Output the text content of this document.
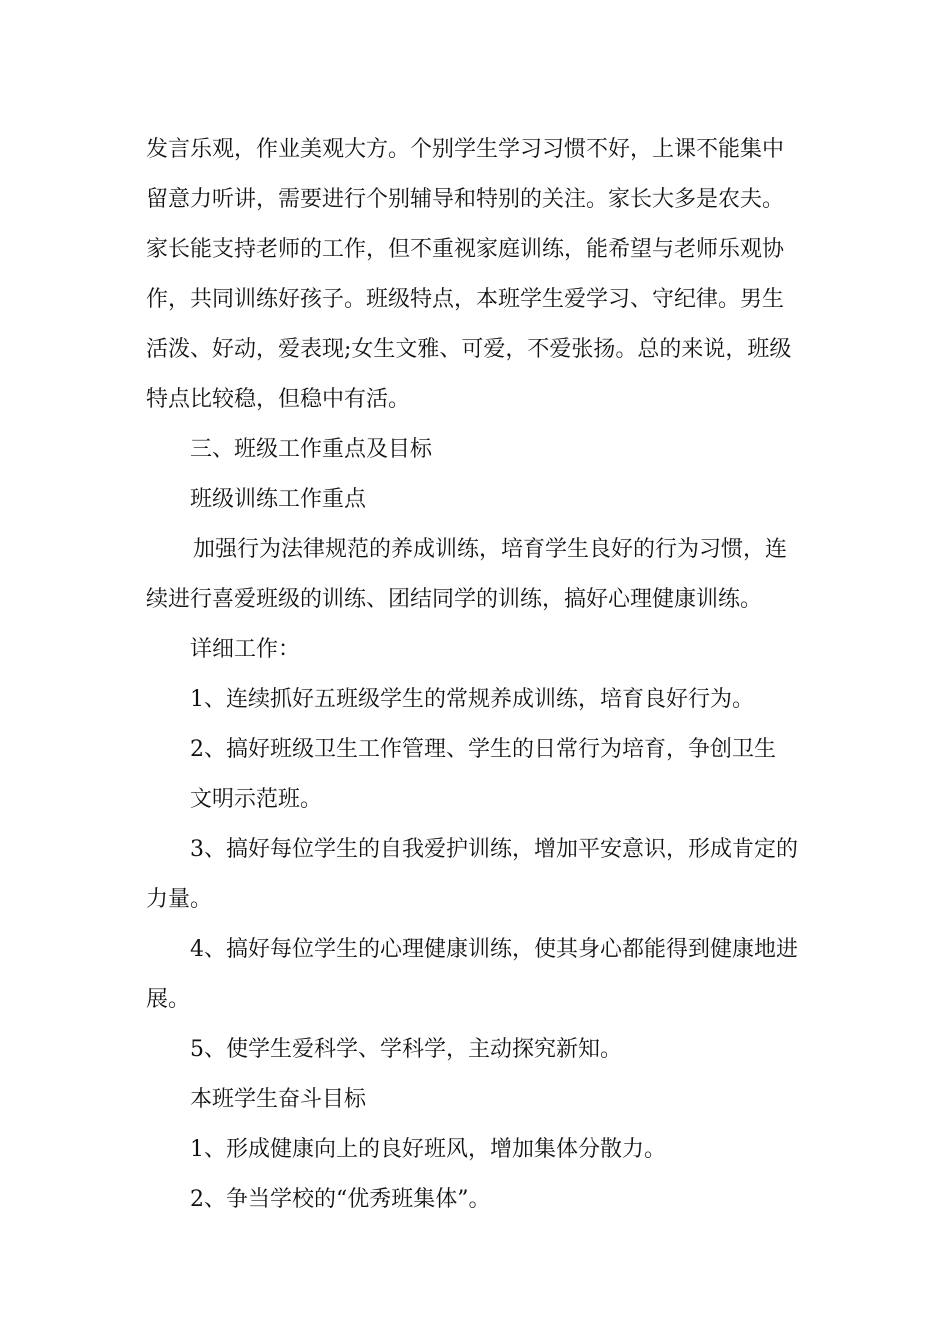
发言乐观，作业美观大方。个别学生学习习惯不好，上课不能集中
留意力听讲，需要进行个别辅导和特别的关注。家长大多是农夫。
家长能支持老师的工作，但不重视家庭训练，能希望与老师乐观协
作，共同训练好孩子。班级特点，本班学生爱学习、守纪律。男生
活泼、好动，爱表现;女生文雅、可爱，不爱张扬。总的来说，班级
特点比较稳，但稳中有活。
三、班级工作重点及目标
班级训练工作重点
加强行为法律规范的养成训练，培育学生良好的行为习惯，连
续进行喜爱班级的训练、团结同学的训练，搞好心理健康训练。
详细工作：
1、连续抓好五班级学生的常规养成训练，培育良好行为。
2、搞好班级卫生工作管理、学生的日常行为培育，争创卫生
文明示范班。
3、搞好每位学生的自我爱护训练，增加平安意识，形成肯定的
力量。
4、搞好每位学生的心理健康训练，使其身心都能得到健康地进
展。
5、使学生爱科学、学科学，主动探究新知。
本班学生奋斗目标
1、形成健康向上的良好班风，增加集体分散力。
2、争当学校的“优秀班集体”。
